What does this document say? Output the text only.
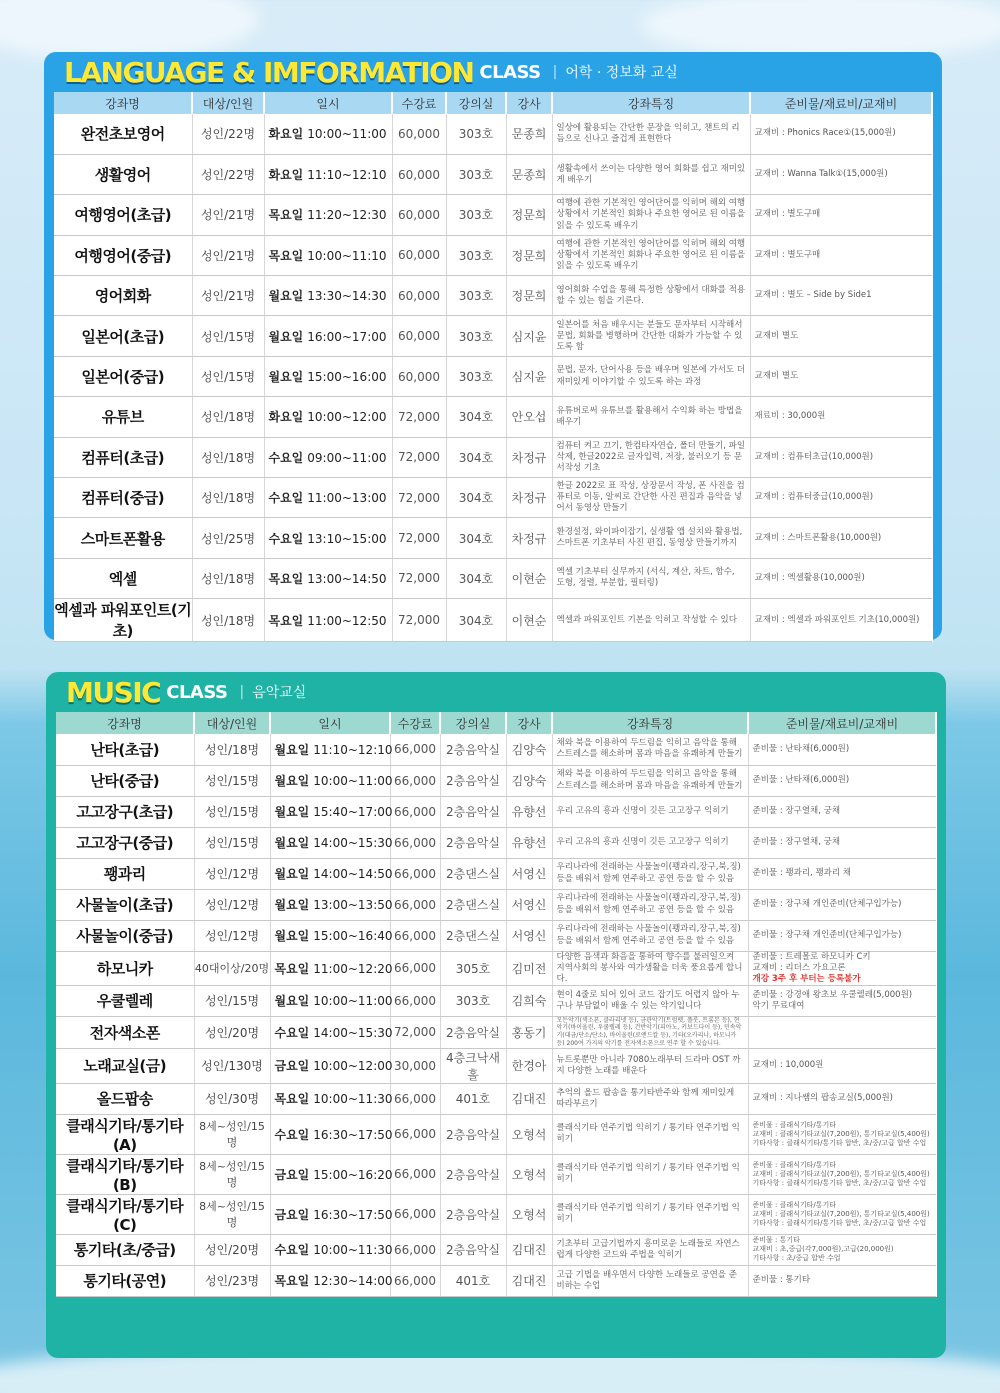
LANGUAGE & IMFORMATION CLASS | 어학 · 정보화 교실
강좌명	대상/인원	일시	수강료	강의실	강사	강좌특징	준비물/재료비/교재비
완전초보영어	성인/22명	화요일 10:00~11:00	60,000	303호	문종희	일상에 활용되는 간단한 문장을 익히고, 챈트의 리듬으로 신나고 즐겁게 표현한다	교재비 : Phonics Race①(15,000원)
생활영어	성인/22명	화요일 11:10~12:10	60,000	303호	문종희	생활속에서 쓰이는 다양한 영어 회화를 쉽고 재미있게 배우기	교재비 : Wanna Talk①(15,000원)
여행영어(초급)	성인/21명	목요일 11:20~12:30	60,000	303호	정문희	여행에 관한 기본적인 영어단어를 익히며 해외 여행상황에서 기본적인 회화나 주요한 영어로 된 이름을 읽을 수 있도록 배우기	교재비 : 별도구매
여행영어(중급)	성인/21명	목요일 10:00~11:10	60,000	303호	정문희	여행에 관한 기본적인 영어단어를 익히며 해외 여행상황에서 기본적인 회화나 주요한 영어로 된 이름을 읽을 수 있도록 배우기	교재비 : 별도구매
영어회화	성인/21명	월요일 13:30~14:30	60,000	303호	정문희	영어회화 수업을 통해 특정한 상황에서 대화를 적용할 수 있는 힘을 기른다.	교재비 : 별도 – Side by Side1
일본어(초급)	성인/15명	월요일 16:00~17:00	60,000	303호	심지윤	일본어를 처음 배우시는 분들도 문자부터 시작해서 문법, 회화를 병행하며 간단한 대화가 가능할 수 있도록 함	교재비 별도
일본어(중급)	성인/15명	월요일 15:00~16:00	60,000	303호	심지윤	문법, 문자, 단어사용 등을 배우며 일본에 가서도 더 재미있게 이야기할 수 있도록 하는 과정	교재비 별도
유튜브	성인/18명	화요일 10:00~12:00	72,000	304호	안오섭	유튜버로써 유튜브를 활용해서 수익화 하는 방법을 배우기	재료비 : 30,000원
컴퓨터(초급)	성인/18명	수요일 09:00~11:00	72,000	304호	차정규	컴퓨터 켜고 끄기, 한컴타자연습, 폴더 만들기, 파일 삭제, 한글2022로 글자입력, 저장, 불러오기 등 문서작성 기초	교재비 : 컴퓨터초급(10,000원)
컴퓨터(중급)	성인/18명	수요일 11:00~13:00	72,000	304호	차정규	한글 2022로 표 작성, 상장문서 작성, 폰 사진을 컴퓨터로 이동, 알씨로 간단한 사진 편집과 음악을 넣어서 동영상 만들기	교재비 : 컴퓨터중급(10,000원)
스마트폰활용	성인/25명	수요일 13:10~15:00	72,000	304호	차정규	환경설정, 와이파이잡기, 실생활 앱 설치와 활용법, 스마트폰 기초부터 사진 편집, 동영상 만들기까지	교재비 : 스마트폰활용(10,000원)
엑셀	성인/18명	목요일 13:00~14:50	72,000	304호	이현순	엑셀 기초부터 실무까지 (서식, 계산, 차트, 함수, 도형, 정렬, 부분합, 필터링)	교재비 : 엑셀활용(10,000원)
엑셀과 파워포인트(기초)	성인/18명	목요일 11:00~12:50	72,000	304호	이현순	엑셀과 파워포인트 기본을 익히고 작성할 수 있다	교재비 : 엑셀과 파워포인트 기초(10,000원)
MUSIC CLASS | 음악교실
강좌명	대상/인원	일시	수강료	강의실	강사	강좌특징	준비물/재료비/교재비
난타(초급)	성인/18명	월요일 11:10~12:10	66,000	2층음악실	김양숙	채와 북을 이용하여 두드림을 익히고 음악을 통해 스트레스를 해소하며 몸과 마음을 유쾌하게 만들기	준비물 : 난타채(6,000원)

난타(중급)	성인/15명	월요일 10:00~11:00	66,000	2층음악실	김양숙	채와 북을 이용하여 두드림을 익히고 음악을 통해 스트레스를 해소하며 몸과 마음을 유쾌하게 만들기	준비물 : 난타채(6,000원)

고고장구(초급)	성인/15명	월요일 15:40~17:00	66,000	2층음악실	유향선	우리 고유의 흥과 신명이 깃든 고고장구 익히기	준비물 : 장구열채, 궁채

고고장구(중급)	성인/15명	월요일 14:00~15:30	66,000	2층음악실	유향선	우리 고유의 흥과 신명이 깃든 고고장구 익히기	준비물 : 장구열채, 궁채

꽹과리	성인/12명	월요일 14:00~14:50	66,000	2층댄스실	서영신	우리나라에 전래하는 사물놀이(꽹과리,장구,북,징)등을 배워서 함께 연주하고 공연 등을 할 수 있음	준비물 : 꽹과리, 꽹과리 채

사물놀이(초급)	성인/12명	월요일 13:00~13:50	66,000	2층댄스실	서영신	우리나라에 전래하는 사물놀이(꽹과리,장구,북,징)등을 배워서 함께 연주하고 공연 등을 할 수 있음	준비물 : 장구채 개인준비(단체구입가능)

사물놀이(중급)	성인/12명	월요일 15:00~16:40	66,000	2층댄스실	서영신	우리나라에 전래하는 사물놀이(꽹과리,장구,북,징)등을 배워서 함께 연주하고 공연 등을 할 수 있음	준비물 : 장구채 개인준비(단체구입가능)

하모니카	40대이상/20명	목요일 11:00~12:20	66,000	305호	김미전	다양한 음색과 화음을 통하여 향수를 불러일으켜 지역사회의 봉사와 여가생활을 더욱 풍요롭게 합니다.	준비물 : 트레몰로 하모니카 C키
교재비 : 리더스 가요고론
개강 3주 후 부터는 등록불가

우쿨렐레	성인/15명	월요일 10:00~11:00	66,000	303호	김희숙	현이 4줄로 되어 있어 코드 잡기도 어렵지 않아 누구나 부담없이 배울 수 있는 악기입니다	준비물 : 강경애 왕초보 우쿨렐레(5,000원)
악기 무료대여

전자색소폰	성인/20명	수요일 14:00~15:30	72,000	2층음악실	홍동기	모든악기(색소폰, 클라리넷 등), 금관악기(트럼펫, 플룻, 트롬본 등), 현악기(바이올린, 우쿨렐레 등), 건반악기(피아노, 키보드다이 등), 민속악기(대금/단소/단소), 바이올린(로엔드칼 등), 기타(오카리나, 하모니카 등) 200여 가지의 악기를 전자색소폰으로 연주 할 수 있습니다.	
노래교실(금)	성인/130명	금요일 10:00~12:00	30,000	4층크낙새홀	한경아	뉴트롯뿐만 아니라 7080노래부터 드라마 OST 까지 다양한 노래를 배운다	교재비 : 10,000원

올드팝송	성인/30명	목요일 10:00~11:30	66,000	401호	김대진	추억의 올드 팝송을 통기타반주와 함께 재미있게 따라부르기	교재비 : 지나쌤의 팝송교실(5,000원)

클래식기타/통기타(A)	8세~성인/15명	수요일 16:30~17:50	66,000	2층음악실	오형석	클래식기타 연주기법 익히기 / 통기타 연주기법 익히기	준비물 : 클래식기타/통기타
교재비 : 클래식기타교실(7,200원), 통기타교실(5,400원)
기타사항 : 클래식기타/통기타 합반, 초/중/고급 합반 수업

클래식기타/통기타(B)	8세~성인/15명	금요일 15:00~16:20	66,000	2층음악실	오형석	클래식기타 연주기법 익히기 / 통기타 연주기법 익히기	준비물 : 클래식기타/통기타
교재비 : 클래식기타교실(7,200원), 통기타교실(5,400원)
기타사항 : 클래식기타/통기타 합반, 초/중/고급 합반 수업

클래식기타/통기타(C)	8세~성인/15명	금요일 16:30~17:50	66,000	2층음악실	오형석	클래식기타 연주기법 익히기 / 통기타 연주기법 익히기	준비물 : 클래식기타/통기타
교재비 : 클래식기타교실(7,200원), 통기타교실(5,400원)
기타사항 : 클래식기타/통기타 합반, 초/중/고급 합반 수업

통기타(초/중급)	성인/20명	수요일 10:00~11:30	66,000	2층음악실	김대진	기초부터 고급기법까지 흥미로운 노래들로 자연스럽게 다양한 코드와 주법을 익히기	준비물 : 통기타
교재비 : 초,중급(각7,000원),고급(20,000원)
기타사항 : 초/중급 합반 수업

통기타(공연)	성인/23명	목요일 12:30~14:00	66,000	401호	김대진	고급 기법을 배우면서 다양한 노래들로 공연을 준비하는 수업	준비물 : 통기타
